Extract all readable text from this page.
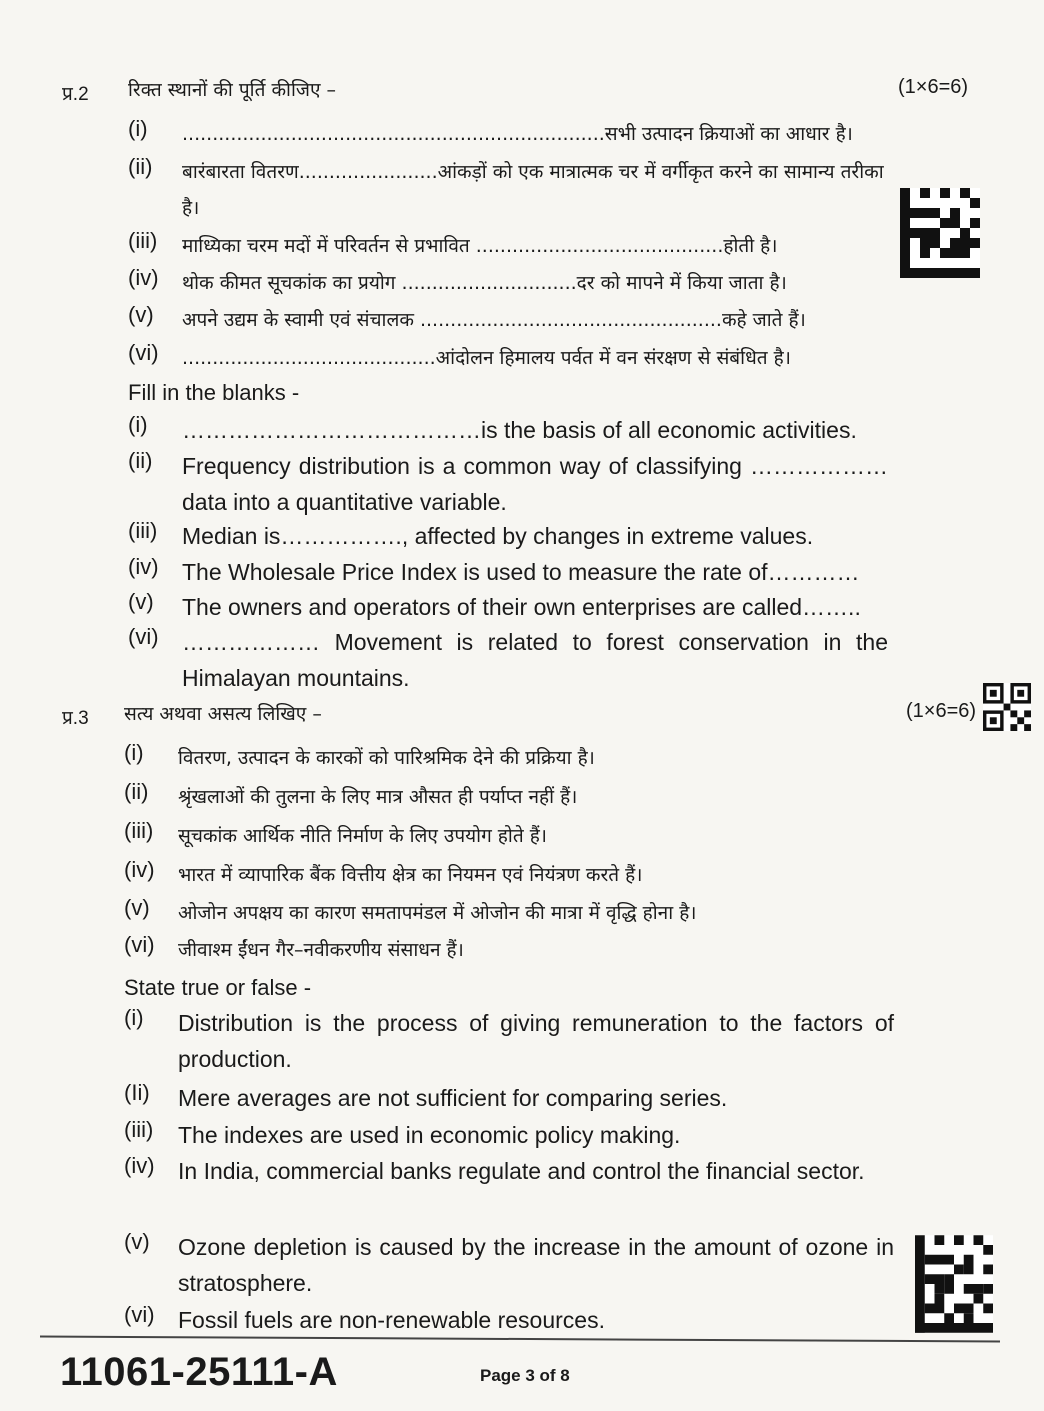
प्र.2 रिक्त स्थानों की पूर्ति कीजिए –	(1×6=6)
(i)	......................................................................सभी उत्पादन क्रियाओं का आधार है।
(ii)	बारंबारता वितरण.......................आंकड़ों को एक मात्रात्मक चर में वर्गीकृत करने का सामान्य तरीका है।
(iii)	माध्यिका चरम मदों में परिवर्तन से प्रभावित .........................................होती है।
(iv)	थोक कीमत सूचकांक का प्रयोग .............................दर को मापने में किया जाता है।
(v)	अपने उद्यम के स्वामी एवं संचालक ..................................................कहे जाते हैं।
(vi)	..........................................आंदोलन हिमालय पर्वत में वन संरक्षण से संबंधित है।
Fill in the blanks -
(i)	…………………………………is the basis of all economic activities.
(ii)	Frequency distribution is a common way of classifying ……………… data into a quantitative variable.
(iii)	Median is……………., affected by changes in extreme values.
(iv)	The Wholesale Price Index is used to measure the rate of…………
(v)	The owners and operators of their own enterprises are called……..
(vi)	……………… Movement is related to forest conservation in the Himalayan mountains.
प्र.3 सत्य अथवा असत्य लिखिए –	(1×6=6)
(i)	वितरण, उत्पादन के कारकों को पारिश्रमिक देने की प्रक्रिया है।
(ii)	श्रृंखलाओं की तुलना के लिए मात्र औसत ही पर्याप्त नहीं हैं।
(iii)	सूचकांक आर्थिक नीति निर्माण के लिए उपयोग होते हैं।
(iv)	भारत में व्यापारिक बैंक वित्तीय क्षेत्र का नियमन एवं नियंत्रण करते हैं।
(v)	ओजोन अपक्षय का कारण समतापमंडल में ओजोन की मात्रा में वृद्धि होना है।
(vi)	जीवाश्म ईंधन गैर–नवीकरणीय संसाधन हैं।
State true or false -
(i)	Distribution is the process of giving remuneration to the factors of production.
(Ii)	Mere averages are not sufficient for comparing series.
(iii)	The indexes are used in economic policy making.
(iv)	In India, commercial banks regulate and control the financial sector.
(v)	Ozone depletion is caused by the increase in the amount of ozone in stratosphere.
(vi)	Fossil fuels are non-renewable resources.
11061-25111-A	Page 3 of 8
